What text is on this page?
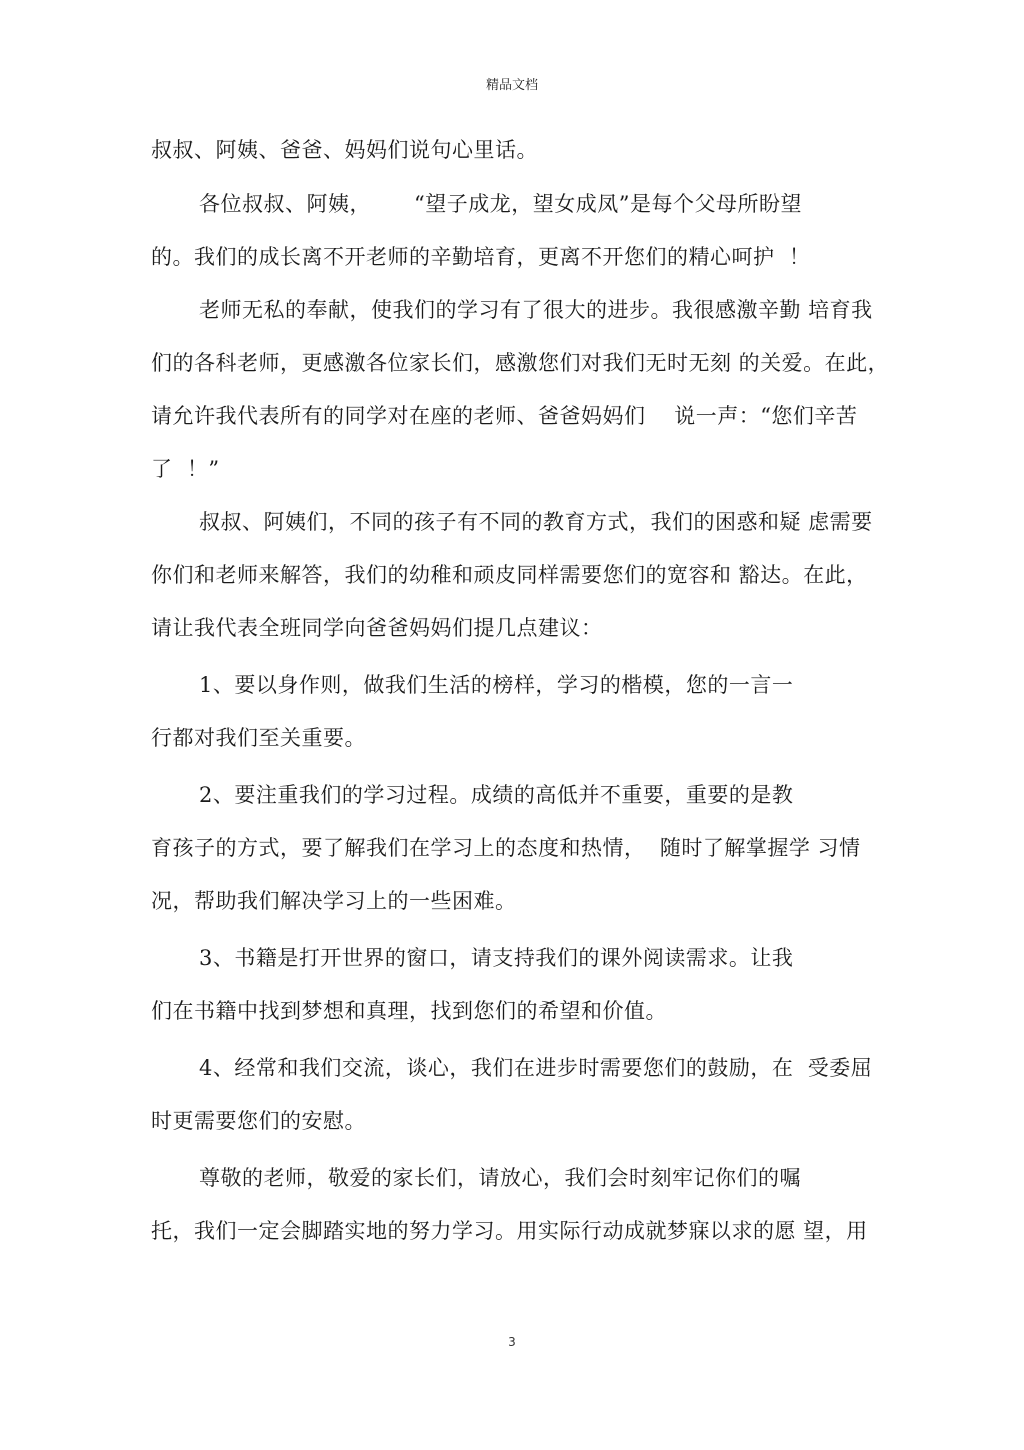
精品文档
叔叔、阿姨、爸爸、妈妈们说句心里话。
各位叔叔、阿姨，      “望子成龙，望女成凤”是每个父母所盼望
的。我们的成长离不开老师的辛勤培育，更离不开您们的精心呵护  ！
老师无私的奉献，使我们的学习有了很大的进步。我很感激辛勤 培育我
们的各科老师，更感激各位家长们，感激您们对我们无时无刻 的关爱。在此，
请允许我代表所有的同学对在座的老师、爸爸妈妈们    说一声：“您们辛苦
了  ！”
叔叔、阿姨们，不同的孩子有不同的教育方式，我们的困惑和疑 虑需要
你们和老师来解答，我们的幼稚和顽皮同样需要您们的宽容和 豁达。在此，
请让我代表全班同学向爸爸妈妈们提几点建议：
1、要以身作则，做我们生活的榜样，学习的楷模，您的一言一
行都对我们至关重要。
2、要注重我们的学习过程。成绩的高低并不重要，重要的是教
育孩子的方式，要了解我们在学习上的态度和热情，  随时了解掌握学 习情
况，帮助我们解决学习上的一些困难。
3、书籍是打开世界的窗口，请支持我们的课外阅读需求。让我
们在书籍中找到梦想和真理，找到您们的希望和价值。
4、经常和我们交流，谈心，我们在进步时需要您们的鼓励，在  受委屈
时更需要您们的安慰。
尊敬的老师，敬爱的家长们，请放心，我们会时刻牢记你们的嘱
托，我们一定会脚踏实地的努力学习。用实际行动成就梦寐以求的愿 望，用
3
